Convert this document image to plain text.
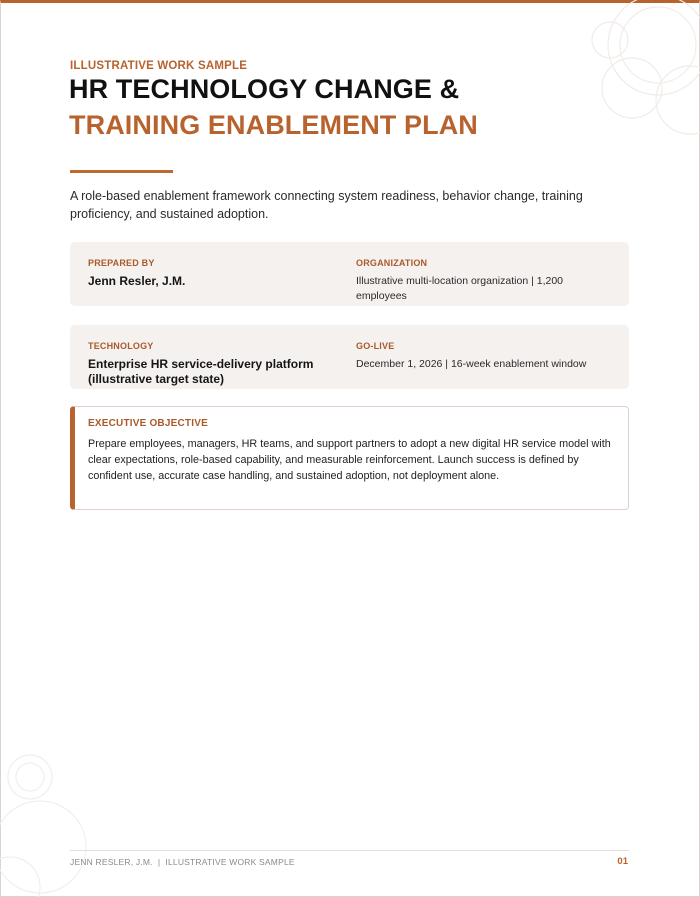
ILLUSTRATIVE WORK SAMPLE
HR TECHNOLOGY CHANGE &
TRAINING ENABLEMENT PLAN

A role-based enablement framework connecting system readiness, behavior change, training proficiency, and sustained adoption.

PREPARED BY
Jenn Resler, J.M.
ORGANIZATION
Illustrative multi-location organization | 1,200 employees
TECHNOLOGY
Enterprise HR service-delivery platform (illustrative target state)
GO-LIVE
December 1, 2026 | 16-week enablement window
EXECUTIVE OBJECTIVE

Prepare employees, managers, HR teams, and support partners to adopt a new digital HR service model with clear expectations, role-based capability, and measurable reinforcement. Launch success is defined by confident use, accurate case handling, and sustained adoption, not deployment alone.

JENN RESLER, J.M.  |  ILLUSTRATIVE WORK SAMPLE	01
